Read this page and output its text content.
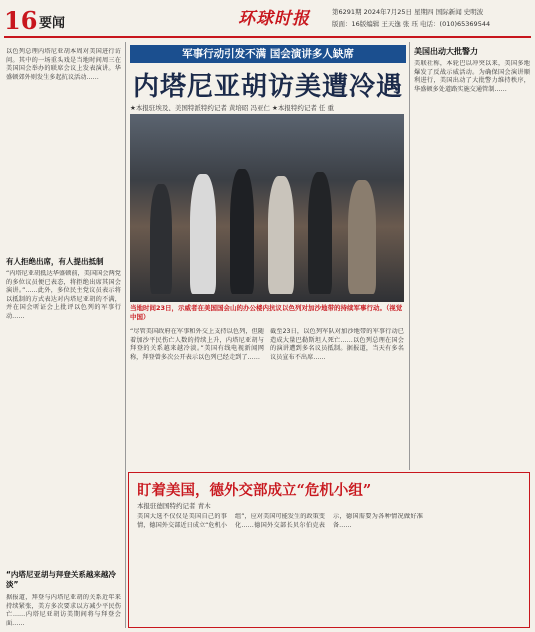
16 要闻	环球时报	第6291期 2024年7月25日 星期四 国际新闻 史明波
版面：16版编辑 王天逸 张 珏 电话：(010)65369544
以色列总理内塔尼亚胡本周对美国进行访问。其中的一场重头戏是当地时间周三在美国国会举办的联席会议上发表演讲。华盛顿郊外则发生多起抗议活动……
有人拒绝出席，有人提出抵制
“内塔尼亚胡抵达华盛顿前，美国国会两党的多位议员便已表态，将拒绝出席其国会演讲。”……此外，多位民主党议员表示将以抵制的方式表达对内塔尼亚胡的不满，并在国会听证会上批评以色列的军事行动……
“内塔尼亚胡与拜登关系越来越冷淡”
据报道，拜登与内塔尼亚胡的关系近年来持续紧张，美方多次要求以方减少平民伤亡……内塔尼亚胡访美期间将与拜登会面……
军事行动引发不满 国会演讲多人缺席
内塔尼亚胡访美遭冷遇
★本报驻埃及、美国特派特约记者 黄培昭 冯亚仁 ★本报特约记者 任 重
当地时间23日，示威者在美国国会山的办公楼内抗议以色列对加沙地带的持续军事行动。（视觉中国）
“尽管美国政府在军事和外交上支持以色列，但随着加沙平民伤亡人数的持续上升，内塔尼亚胡与拜登的关系越来越冷淡。”美国有线电视新闻网称，拜登曾多次公开表示以色列已经走到了……
截至23日，以色列军队对加沙地带的军事行动已造成大量巴勒斯坦人死亡……以色列总理在国会的演讲遭到多名议员抵制。据报道，当天有多名议员宣布不出席……
美国出动大批警力
美联社称，本轮巴以冲突以来，美国多地爆发了反战示威活动。为确保国会演讲顺利进行，美国出动了大批警力维持秩序，华盛顿多处道路实施交通管制……
盯着美国，德外交部成立“危机小组”
本报驻德国特约记者 青木
美国大选不仅仅是美国自己的事情，德国外交部近日成立“危机小组”，应对美国可能发生的政策变化……德国外交部长贝尔伯克表示，德国需要为各种情况做好准备……
